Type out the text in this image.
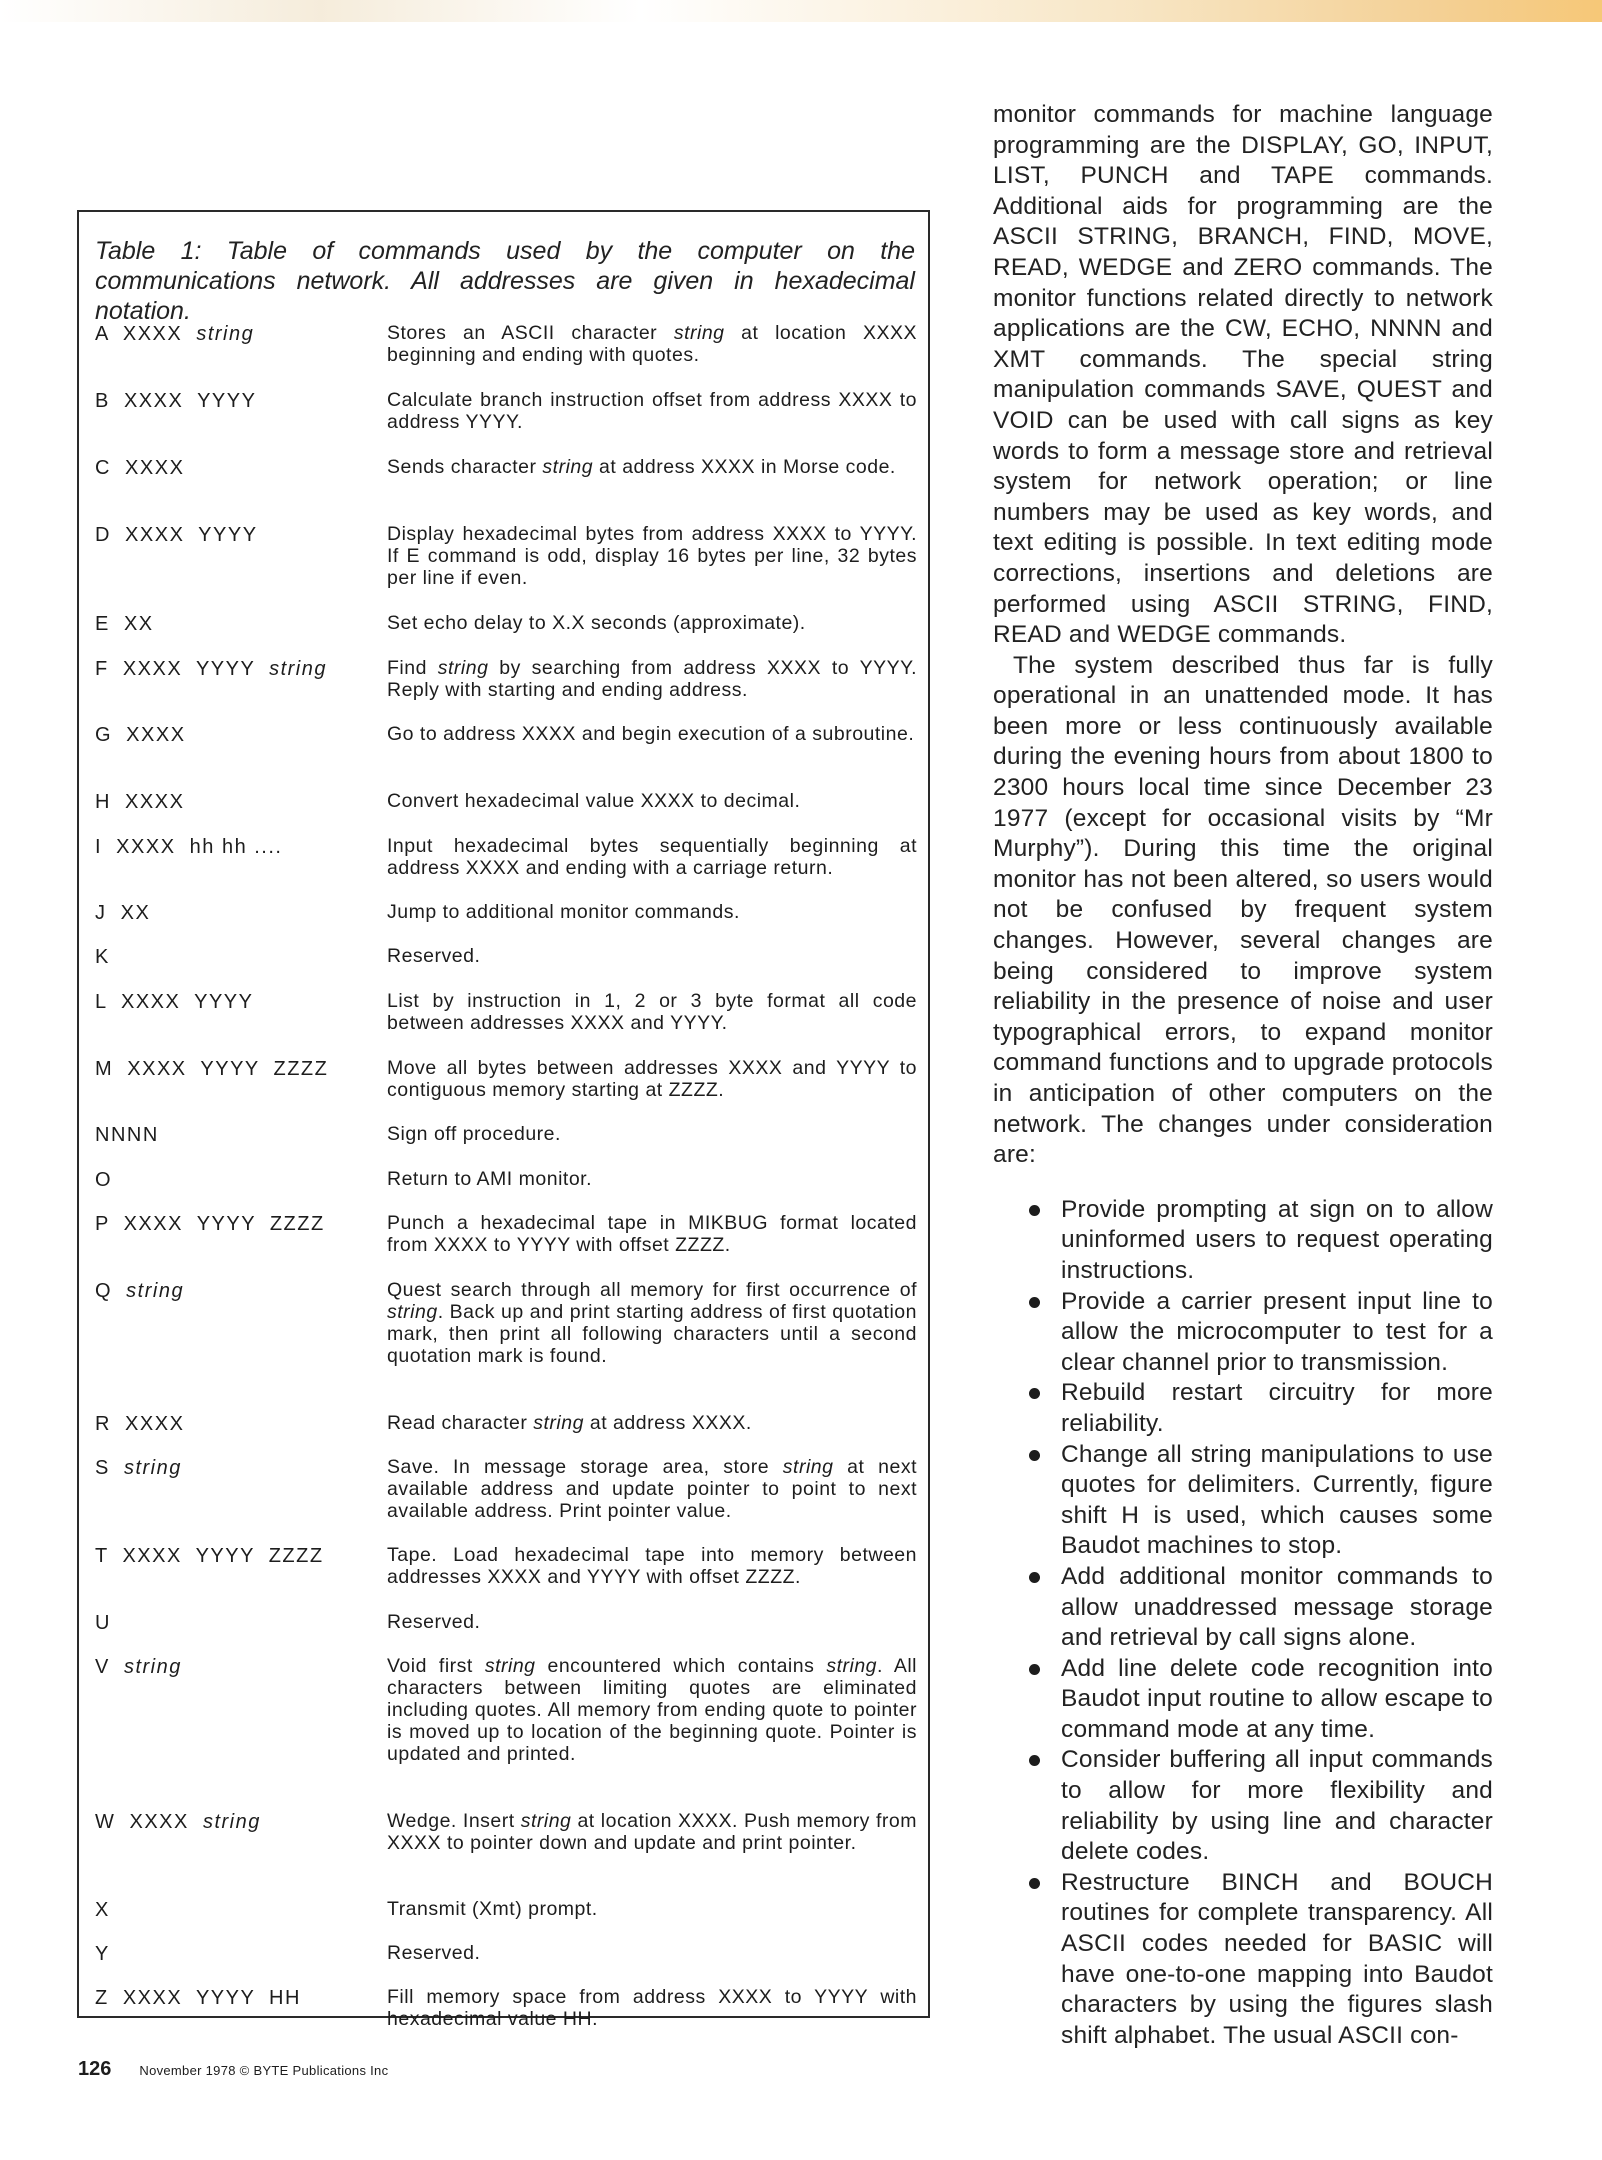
Table 1: Table of commands used by the computer on the communications network. All addresses are given in hexadecimal notation.
A  XXXX  string	Stores an ASCII character string at location XXXX beginning and ending with quotes.
B  XXXX  YYYY	Calculate branch instruction offset from address XXXX to address YYYY.
C  XXXX	Sends character string at address XXXX in Morse code.
D  XXXX  YYYY	Display hexadecimal bytes from address XXXX to YYYY. If E command is odd, display 16 bytes per line, 32 bytes per line if even.
E  XX	Set echo delay to X.X seconds (approximate).
F  XXXX  YYYY  string	Find string by searching from address XXXX to YYYY. Reply with starting and ending address.
G  XXXX	Go to address XXXX and begin execution of a subroutine.
H  XXXX	Convert hexadecimal value XXXX to decimal.
I  XXXX  hh hh ....	Input hexadecimal bytes sequentially beginning at address XXXX and ending with a carriage return.
J  XX	Jump to additional monitor commands.
K	Reserved.
L  XXXX  YYYY	List by instruction in 1, 2 or 3 byte format all code between addresses XXXX and YYYY.
M  XXXX  YYYY  ZZZZ	Move all bytes between addresses XXXX and YYYY to contiguous memory starting at ZZZZ.
NNNN	Sign off procedure.
O	Return to AMI monitor.
P  XXXX  YYYY  ZZZZ	Punch a hexadecimal tape in MIKBUG format located from XXXX to YYYY with offset ZZZZ.
Q  string	Quest search through all memory for first occurrence of string. Back up and print starting address of first quotation mark, then print all following characters until a second quotation mark is found.
R  XXXX	Read character string at address XXXX.
S  string	Save. In message storage area, store string at next available address and update pointer to point to next available address. Print pointer value.
T  XXXX  YYYY  ZZZZ	Tape. Load hexadecimal tape into memory between addresses XXXX and YYYY with offset ZZZZ.
U	Reserved.
V  string	Void first string encountered which contains string. All characters between limiting quotes are eliminated including quotes. All memory from ending quote to pointer is moved up to location of the beginning quote. Pointer is updated and printed.
W  XXXX  string	Wedge. Insert string at location XXXX. Push memory from XXXX to pointer down and update and print pointer.
X	Transmit (Xmt) prompt.
Y	Reserved.
Z  XXXX  YYYY  HH	Fill memory space from address XXXX to YYYY with hexadecimal value HH.

monitor commands for machine language programming are the DISPLAY, GO, INPUT, LIST, PUNCH and TAPE commands. Additional aids for programming are the ASCII STRING, BRANCH, FIND, MOVE, READ, WEDGE and ZERO commands. The monitor functions related directly to network applications are the CW, ECHO, NNNN and XMT commands. The special string manipulation commands SAVE, QUEST and VOID can be used with call signs as key words to form a message store and retrieval system for network operation; or line numbers may be used as key words, and text editing is possible. In text editing mode corrections, insertions and deletions are performed using ASCII STRING, FIND, READ and WEDGE commands.

The system described thus far is fully operational in an unattended mode. It has been more or less continuously available during the evening hours from about 1800 to 2300 hours local time since December 23 1977 (except for occasional visits by “Mr Murphy”). During this time the original monitor has not been altered, so users would not be confused by frequent system changes. However, several changes are being considered to improve system reliability in the presence of noise and user typographical errors, to expand monitor command functions and to upgrade protocols in anticipation of other computers on the network. The changes under consideration are:

Provide prompting at sign on to allow uninformed users to request operating instructions.
Provide a carrier present input line to allow the microcomputer to test for a clear channel prior to transmission.
Rebuild restart circuitry for more reliability.
Change all string manipulations to use quotes for delimiters. Currently, figure shift H is used, which causes some Baudot machines to stop.
Add additional monitor commands to allow unaddressed message storage and retrieval by call signs alone.
Add line delete code recognition into Baudot input routine to allow escape to command mode at any time.
Consider buffering all input commands to allow for more flexibility and reliability by using line and character delete codes.
Restructure BINCH and BOUCH routines for complete transparency. All ASCII codes needed for BASIC will have one-to-one mapping into Baudot characters by using the figures slash shift alphabet. The usual ASCII con-
126 November 1978 © BYTE Publications Inc
